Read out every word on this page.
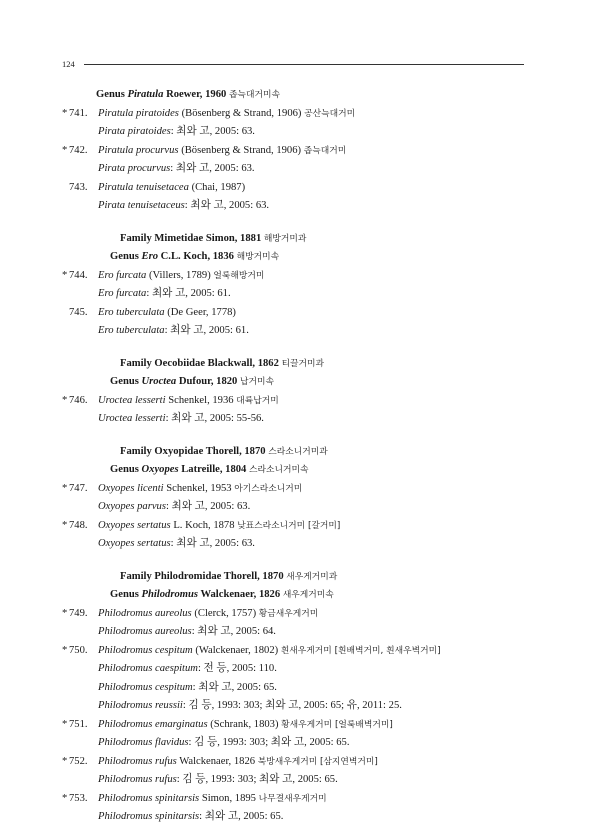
124
Genus Piratula Roewer, 1960 좁늑대거미속
* 741. Piratula piratoides (Bösenberg & Strand, 1906) 공산늑대거미
Pirata piratoides: 최와 고, 2005: 63.
* 742. Piratula procurvus (Bösenberg & Strand, 1906) 좁늑대거미
Pirata procurvus: 최와 고, 2005: 63.
743. Piratula tenuisetacea (Chai, 1987)
Pirata tenuisetaceus: 최와 고, 2005: 63.
Family Mimetidae Simon, 1881 해방거미과
Genus Ero C.L. Koch, 1836 해방거미속
* 744. Ero furcata (Villers, 1789) 얼룩해방거미
Ero furcata: 최와 고, 2005: 61.
745. Ero tuberculata (De Geer, 1778)
Ero tuberculata: 최와 고, 2005: 61.
Family Oecobiidae Blackwall, 1862 티끌거미과
Genus Uroctea Dufour, 1820 납거미속
* 746. Uroctea lesserti Schenkel, 1936 대륙납거미
Uroctea lesserti: 최와 고, 2005: 55-56.
Family Oxyopidae Thorell, 1870 스라소니거미과
Genus Oxyopes Latreille, 1804 스라소니거미속
* 747. Oxyopes licenti Schenkel, 1953 아기스라소니거미
Oxyopes parvus: 최와 고, 2005: 63.
* 748. Oxyopes sertatus L. Koch, 1878 낮표스라소니거미 [갈거미]
Oxyopes sertatus: 최와 고, 2005: 63.
Family Philodromidae Thorell, 1870 새우게거미과
Genus Philodromus Walckenaer, 1826 새우게거미속
* 749. Philodromus aureolus (Clerck, 1757) 황금새우게거미
Philodromus aureolus: 최와 고, 2005: 64.
* 750. Philodromus cespitum (Walckenaer, 1802) 흰새우게거미 [흰배벽거미, 흰새우벽거미]
Philodromus caespitum: 전 등, 2005: 110.
Philodromus cespitum: 최와 고, 2005: 65.
Philodromus reussii: 김 등, 1993: 303; 최와 고, 2005: 65; 유, 2011: 25.
* 751. Philodromus emarginatus (Schrank, 1803) 황새우게거미 [얼룩배벽거미]
Philodromus flavidus: 김 등, 1993: 303; 최와 고, 2005: 65.
* 752. Philodromus rufus Walckenaer, 1826 북방새우게거미 [삼지연벽거미]
Philodromus rufus: 김 등, 1993: 303; 최와 고, 2005: 65.
* 753. Philodromus spinitarsis Simon, 1895 나무결새우게거미
Philodromus spinitarsis: 최와 고, 2005: 65.
